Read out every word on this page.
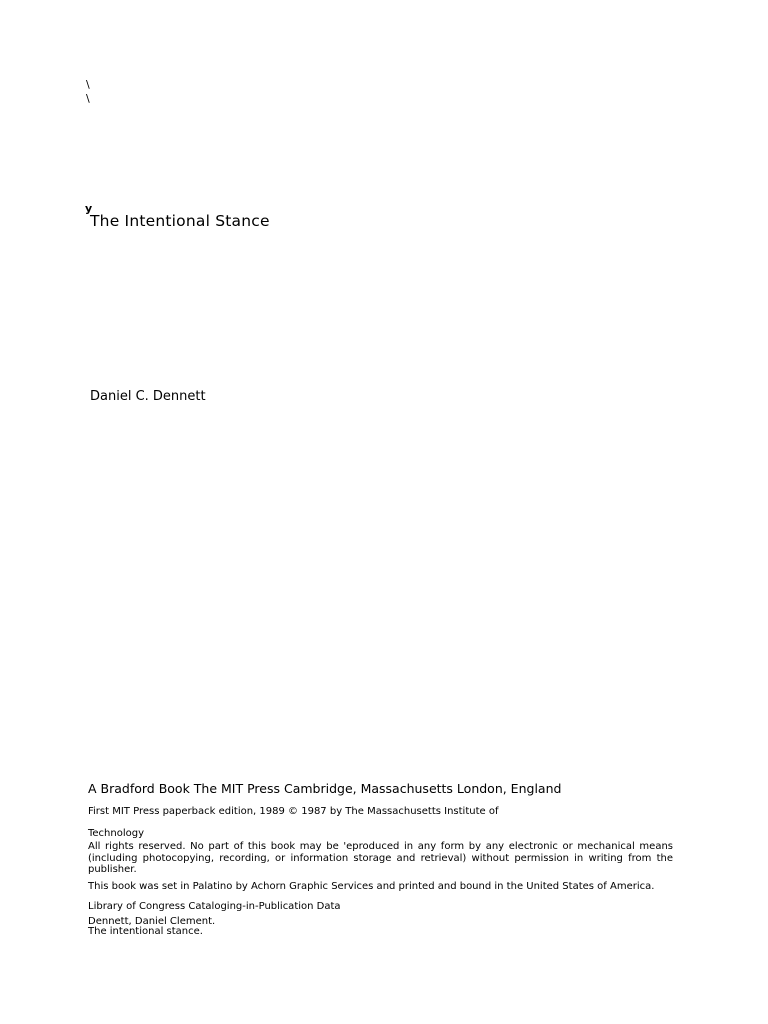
\
\
y
The Intentional Stance
Daniel C. Dennett
A Bradford Book The MIT Press Cambridge, Massachusetts London, England
First MIT Press paperback edition, 1989 © 1987 by The Massachusetts Institute of
Technology
All rights reserved. No part of this book may be 'eproduced in any form by any electronic or mechanical means (including photocopying, recording, or information storage and retrieval) without permission in writing from the publisher.
This book was set in Palatino by Achorn Graphic Services and printed and bound in the United States of America.
Library of Congress Cataloging-in-Publication Data
Dennett, Daniel Clement.
The intentional stance.
